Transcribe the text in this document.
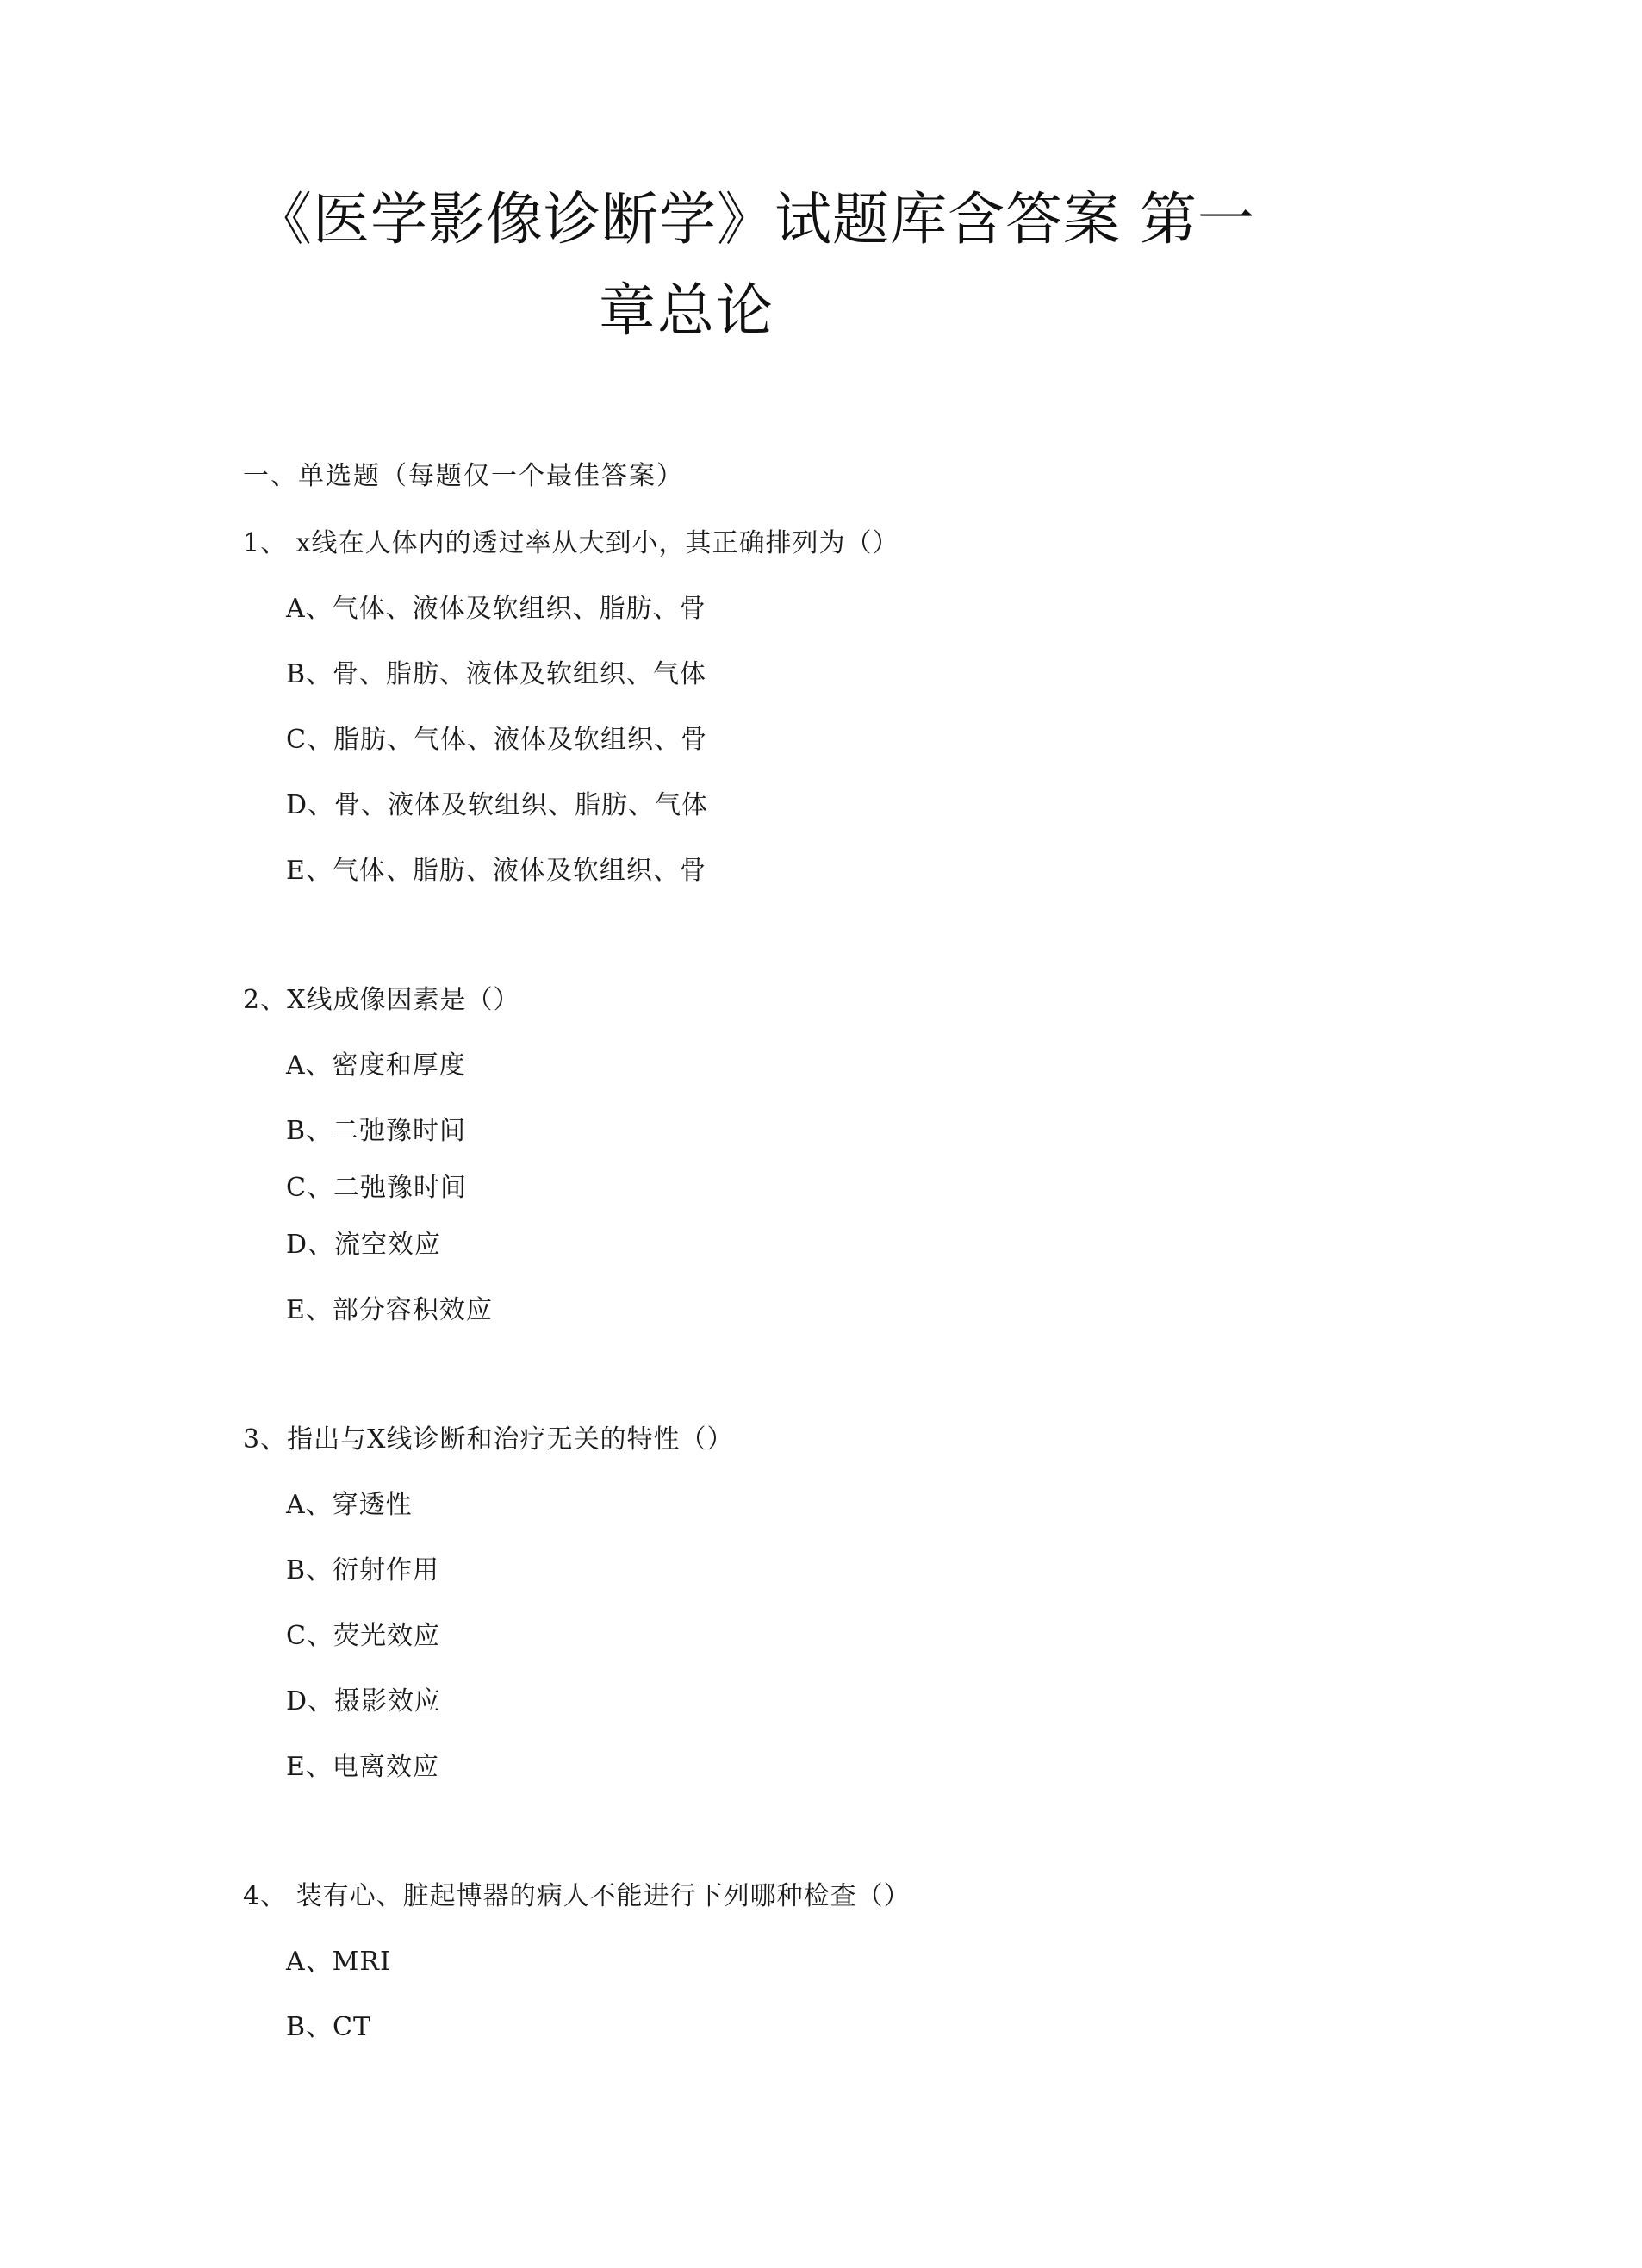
《医学影像诊断学》试题库含答案 第一
章总论
一、单选题（每题仅一个最佳答案）
1、 x线在人体内的透过率从大到小，其正确排列为（）
A、气体、液体及软组织、脂肪、骨
B、骨、脂肪、液体及软组织、气体
C、脂肪、气体、液体及软组织、骨
D、骨、液体及软组织、脂肪、气体
E、气体、脂肪、液体及软组织、骨
2、X线成像因素是（）
A、密度和厚度
B、二弛豫时间
C、二弛豫时间
D、流空效应
E、部分容积效应
3、指出与X线诊断和治疗无关的特性（）
A、穿透性
B、衍射作用
C、荧光效应
D、摄影效应
E、电离效应
4、 装有心、脏起博器的病人不能进行下列哪种检查（）
A、MRI
B、CT
